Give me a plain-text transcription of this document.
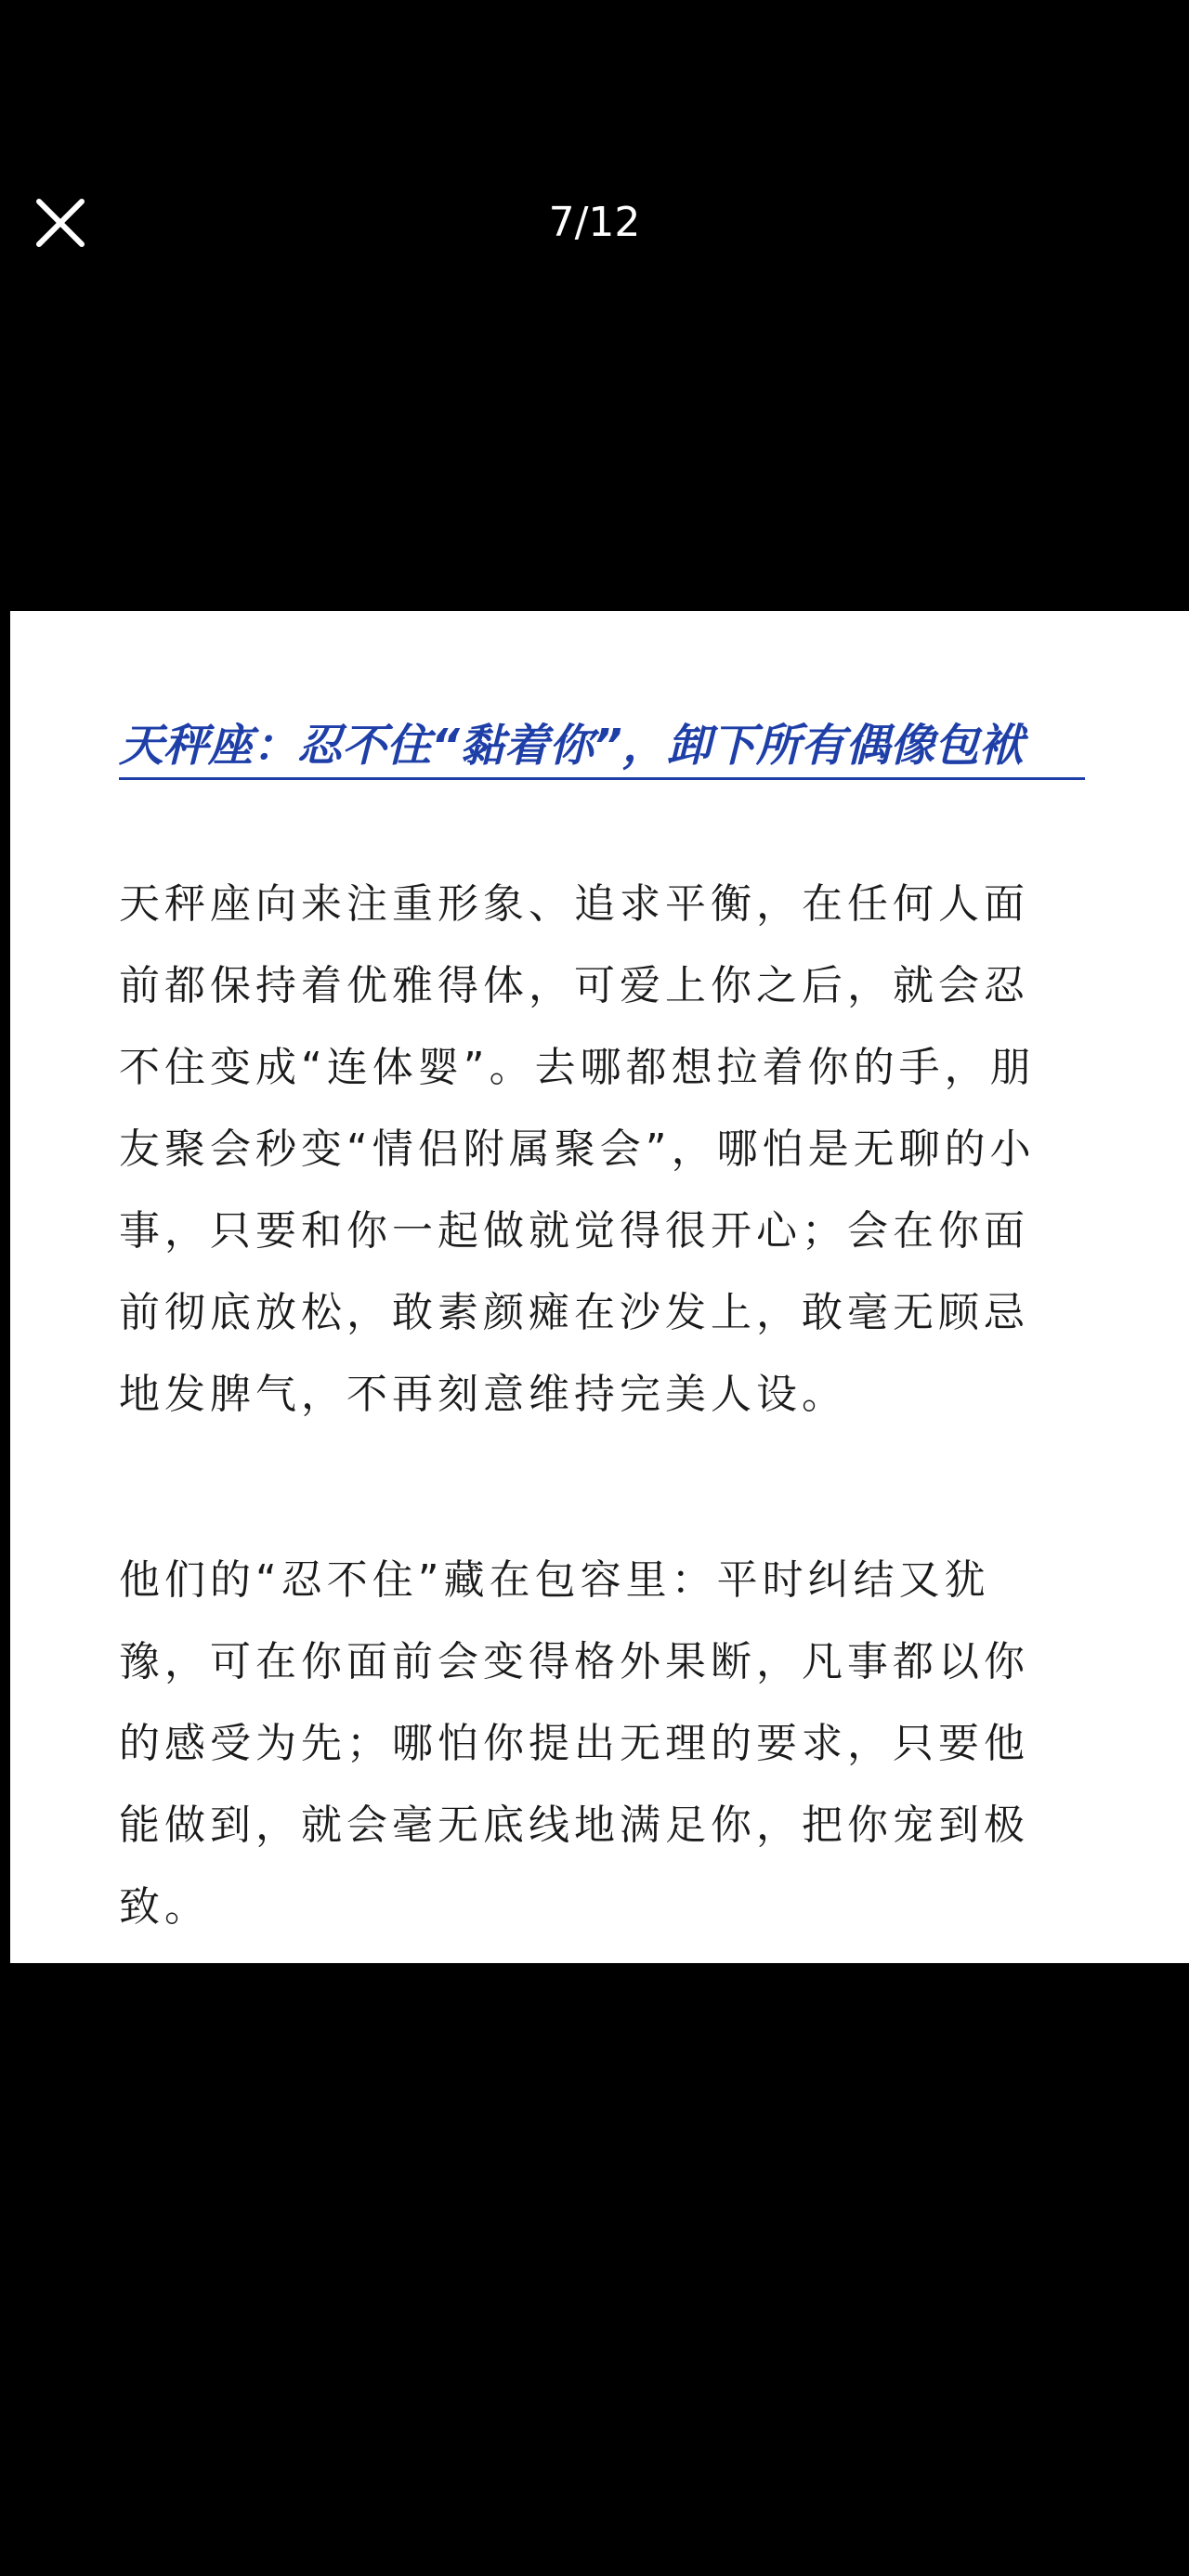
7/12
天秤座：忍不住“黏着你”，卸下所有偶像包袱
天秤座向来注重形象、追求平衡，在任何人面
前都保持着优雅得体，可爱上你之后，就会忍
不住变成“连体婴”。去哪都想拉着你的手，朋
友聚会秒变“情侣附属聚会”，哪怕是无聊的小
事，只要和你一起做就觉得很开心；会在你面
前彻底放松，敢素颜瘫在沙发上，敢毫无顾忌
地发脾气，不再刻意维持完美人设。
他们的“忍不住”藏在包容里：平时纠结又犹
豫，可在你面前会变得格外果断，凡事都以你
的感受为先；哪怕你提出无理的要求，只要他
能做到，就会毫无底线地满足你，把你宠到极
致。
